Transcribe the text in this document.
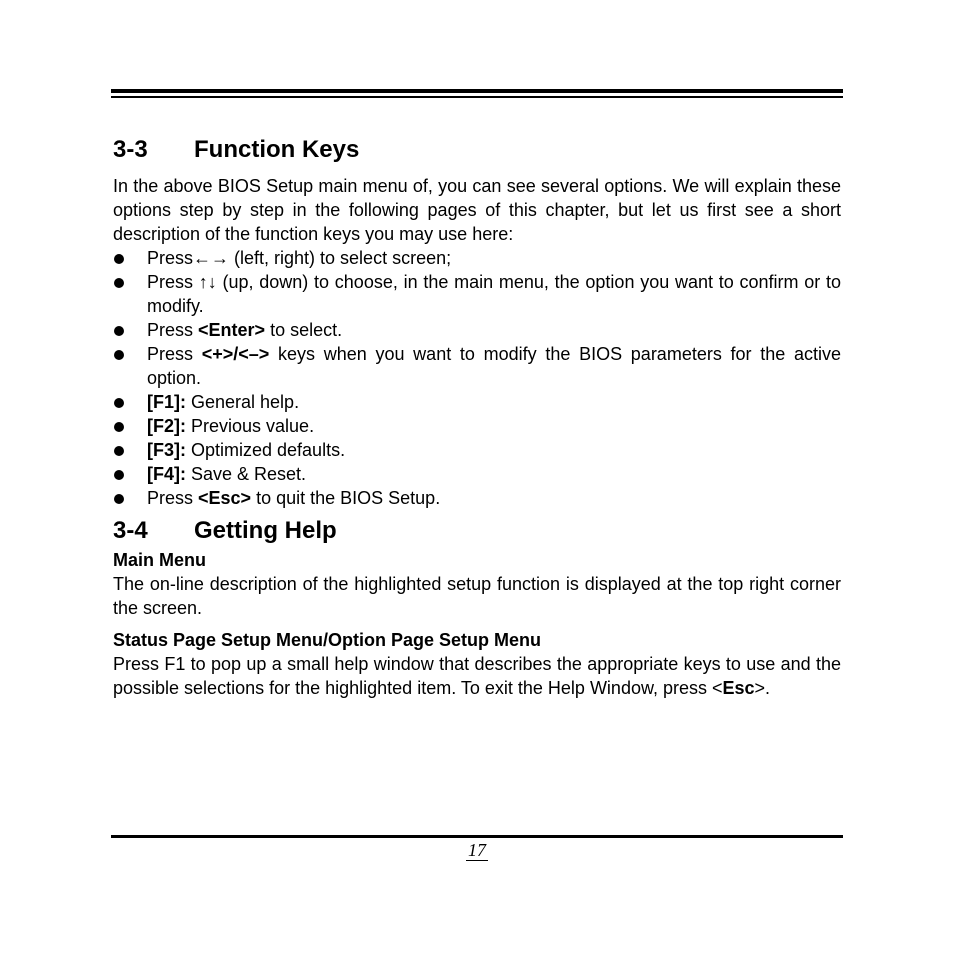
3-3 Function Keys

In the above BIOS Setup main menu of, you can see several options. We will explain these options step by step in the following pages of this chapter, but let us first see a short description of the function keys you may use here:

Press←→ (left, right) to select screen;
Press ↑↓ (up, down) to choose, in the main menu, the option you want to confirm or to modify.
Press <Enter> to select.
Press <+>/<–> keys when you want to modify the BIOS parameters for the active option.
[F1]: General help.
[F2]: Previous value.
[F3]: Optimized defaults.
[F4]: Save & Reset.
Press <Esc> to quit the BIOS Setup.
3-4 Getting Help
Main Menu

The on-line description of the highlighted setup function is displayed at the top right corner the screen.

Status Page Setup Menu/Option Page Setup Menu

Press F1 to pop up a small help window that describes the appropriate keys to use and the possible selections for the highlighted item. To exit the Help Window, press <Esc>.

17
